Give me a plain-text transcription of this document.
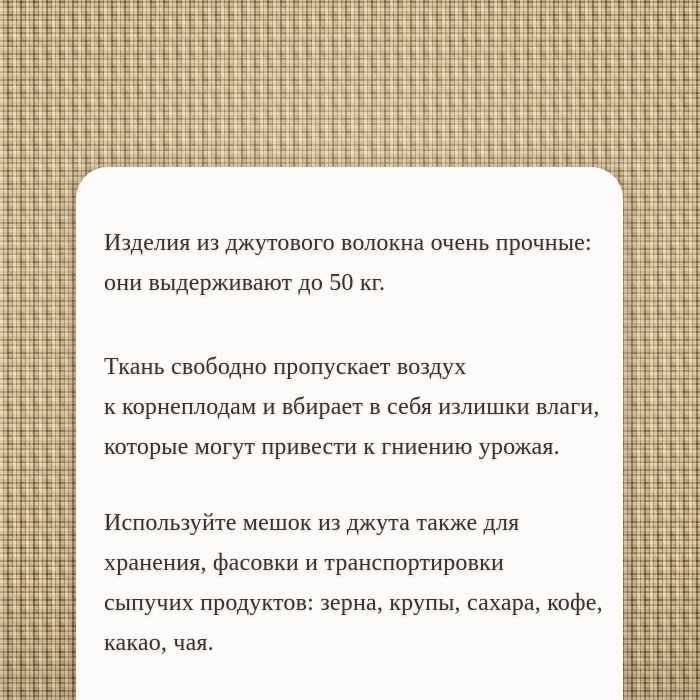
Изделия из джутового волокна очень прочные:
они выдерживают до 50 кг.

Ткань свободно пропускает воздух
к корнеплодам и вбирает в себя излишки влаги,
которые могут привести к гниению урожая.

Используйте мешок из джута также для
хранения, фасовки и транспортировки
сыпучих продуктов: зерна, крупы, сахара, кофе,
какао, чая.
